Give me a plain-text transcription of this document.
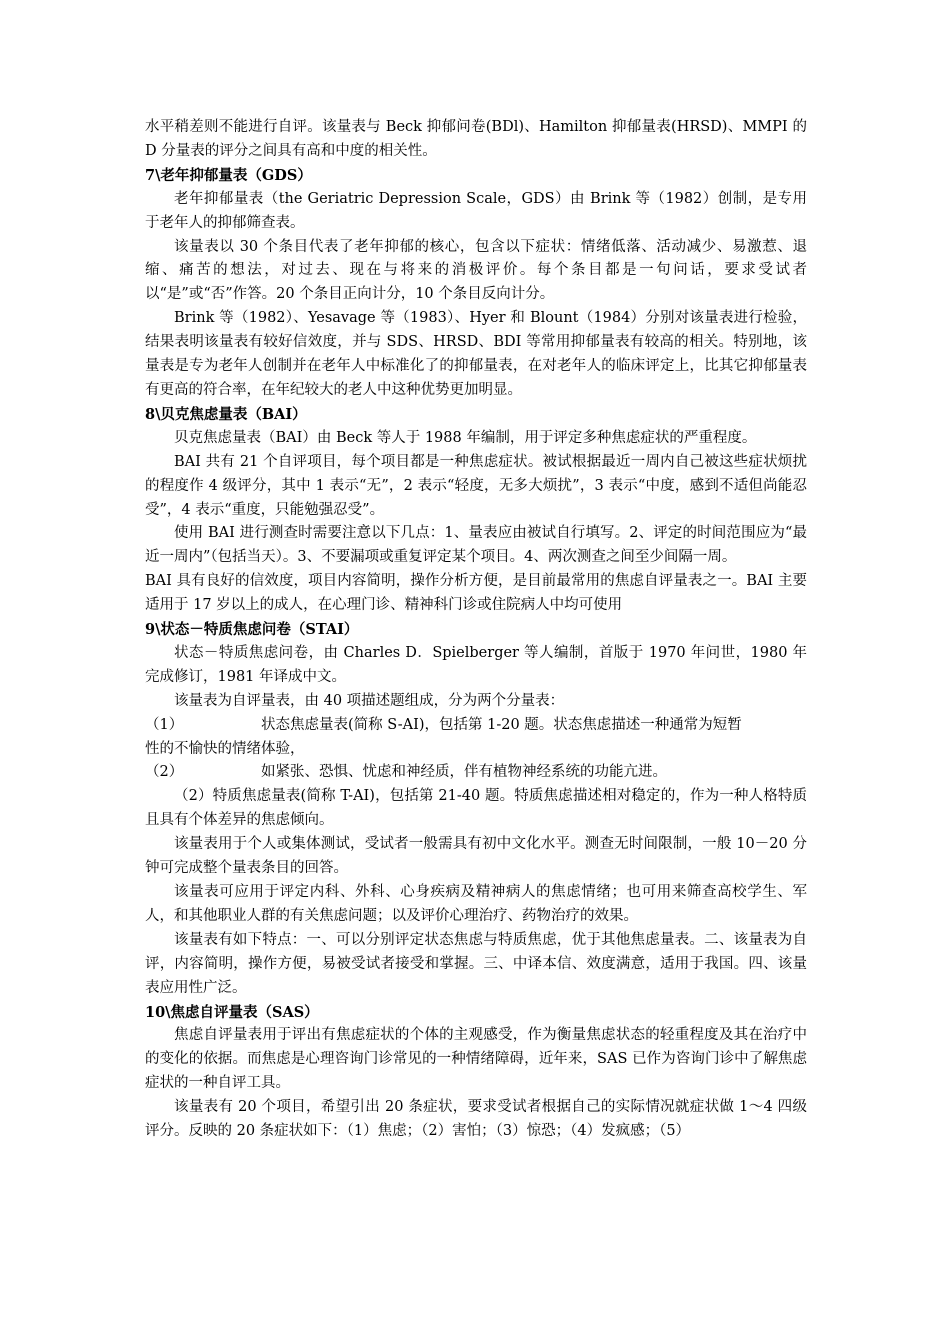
水平稍差则不能进行自评。该量表与 Beck 抑郁问卷(BDl)、Hamilton 抑郁量表(HRSD)、MMPI 的 D 分量表的评分之间具有高和中度的相关性。

7\老年抑郁量表（GDS）

老年抑郁量表（the Geriatric Depression Scale，GDS）由 Brink 等（1982）创制，是专用于老年人的抑郁筛查表。

该量表以 30 个条目代表了老年抑郁的核心，包含以下症状：情绪低落、活动减少、易激惹、退缩、痛苦的想法，对过去、现在与将来的消极评价。每个条目都是一句问话，要求受试者以“是”或“否”作答。20 个条目正向计分，10 个条目反向计分。

Brink 等（1982）、Yesavage 等（1983）、Hyer 和 Blount（1984）分别对该量表进行检验，结果表明该量表有较好信效度，并与 SDS、HRSD、BDI 等常用抑郁量表有较高的相关。特别地，该量表是专为老年人创制并在老年人中标准化了的抑郁量表，在对老年人的临床评定上，比其它抑郁量表有更高的符合率，在年纪较大的老人中这种优势更加明显。

8\贝克焦虑量表（BAI）

贝克焦虑量表（BAI）由 Beck 等人于 1988 年编制，用于评定多种焦虑症状的严重程度。

BAI 共有 21 个自评项目，每个项目都是一种焦虑症状。被试根据最近一周内自己被这些症状烦扰的程度作 4 级评分，其中 1 表示“无”，2 表示“轻度，无多大烦扰”，3 表示“中度，感到不适但尚能忍受”，4 表示“重度，只能勉强忍受”。

使用 BAI 进行测查时需要注意以下几点：1、量表应由被试自行填写。2、评定的时间范围应为“最近一周内”（包括当天）。3、不要漏项或重复评定某个项目。4、两次测查之间至少间隔一周。

BAI 具有良好的信效度，项目内容简明，操作分析方便，是目前最常用的焦虑自评量表之一。BAI 主要适用于 17 岁以上的成人，在心理门诊、精神科门诊或住院病人中均可使用

9\状态－特质焦虑问卷（STAI）

状态－特质焦虑问卷，由 Charles D．Spielberger 等人编制，首版于 1970 年问世，1980 年完成修订，1981 年译成中文。

该量表为自评量表，由 40 项描述题组成，分为两个分量表：

（1）	状态焦虑量表(简称 S-AI)，包括第 1-20 题。状态焦虑描述一种通常为短暂

性的不愉快的情绪体验，

（2）	如紧张、恐惧、忧虑和神经质，伴有植物神经系统的功能亢进。

（2）特质焦虑量表(简称 T-AI)，包括第 21-40 题。特质焦虑描述相对稳定的，作为一种人格特质且具有个体差异的焦虑倾向。

该量表用于个人或集体测试，受试者一般需具有初中文化水平。测查无时间限制，一般 10－20 分钟可完成整个量表条目的回答。

该量表可应用于评定内科、外科、心身疾病及精神病人的焦虑情绪；也可用来筛查高校学生、军人，和其他职业人群的有关焦虑问题；以及评价心理治疗、药物治疗的效果。

该量表有如下特点：一、可以分别评定状态焦虑与特质焦虑，优于其他焦虑量表。二、该量表为自评，内容简明，操作方便，易被受试者接受和掌握。三、中译本信、效度满意，适用于我国。四、该量表应用性广泛。

10\焦虑自评量表（SAS）

焦虑自评量表用于评出有焦虑症状的个体的主观感受，作为衡量焦虑状态的轻重程度及其在治疗中的变化的依据。而焦虑是心理咨询门诊常见的一种情绪障碍，近年来，SAS 已作为咨询门诊中了解焦虑症状的一种自评工具。

该量表有 20 个项目，希望引出 20 条症状，要求受试者根据自己的实际情况就症状做 1～4 四级评分。反映的 20 条症状如下：（1）焦虑；（2）害怕；（3）惊恐；（4）发疯感；（5）
